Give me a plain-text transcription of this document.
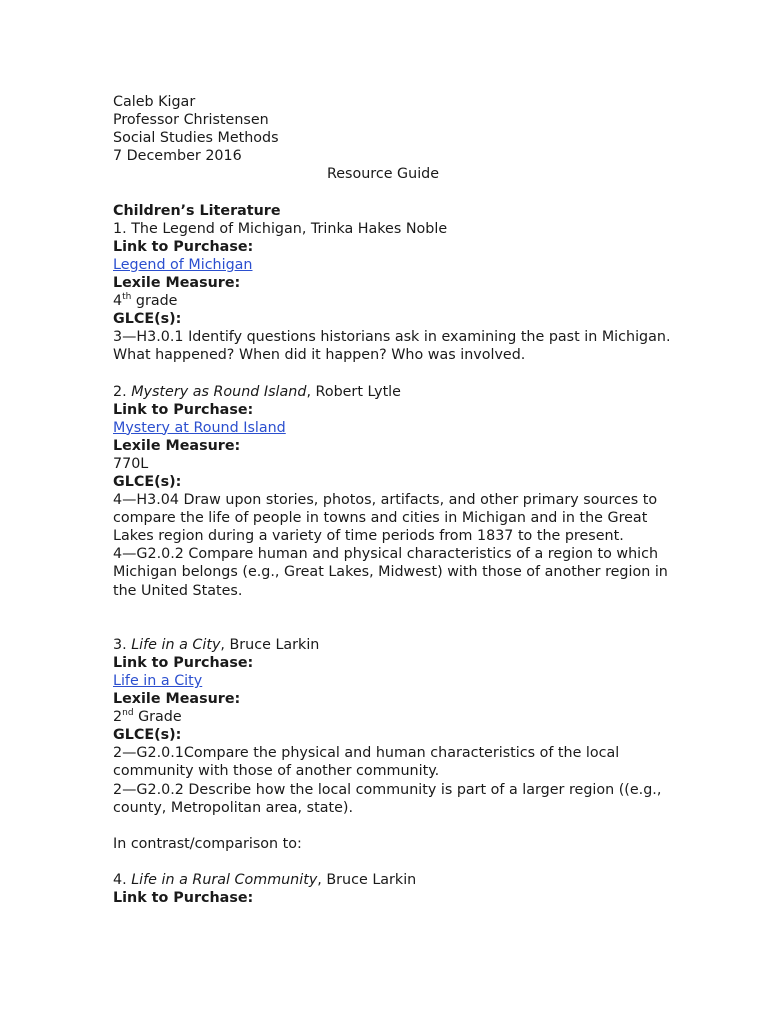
Caleb Kigar
Professor Christensen
Social Studies Methods
7 December 2016
Resource Guide
Children’s Literature
1. The Legend of Michigan, Trinka Hakes Noble
Link to Purchase:
Legend of Michigan
Lexile Measure:
4th grade
GLCE(s):
3—H3.0.1 Identify questions historians ask in examining the past in Michigan. What happened? When did it happen? Who was involved.
2. Mystery as Round Island, Robert Lytle
Link to Purchase:
Mystery at Round Island
Lexile Measure:
770L
GLCE(s):
4—H3.04 Draw upon stories, photos, artifacts, and other primary sources to compare the life of people in towns and cities in Michigan and in the Great Lakes region during a variety of time periods from 1837 to the present.
4—G2.0.2 Compare human and physical characteristics of a region to which Michigan belongs (e.g., Great Lakes, Midwest) with those of another region in the United States.
3. Life in a City, Bruce Larkin
Link to Purchase:
Life in a City
Lexile Measure:
2nd Grade
GLCE(s):
2—G2.0.1Compare the physical and human characteristics of the local community with those of another community.
2—G2.0.2 Describe how the local community is part of a larger region ((e.g., county, Metropolitan area, state).
In contrast/comparison to:
4. Life in a Rural Community, Bruce Larkin
Link to Purchase:
